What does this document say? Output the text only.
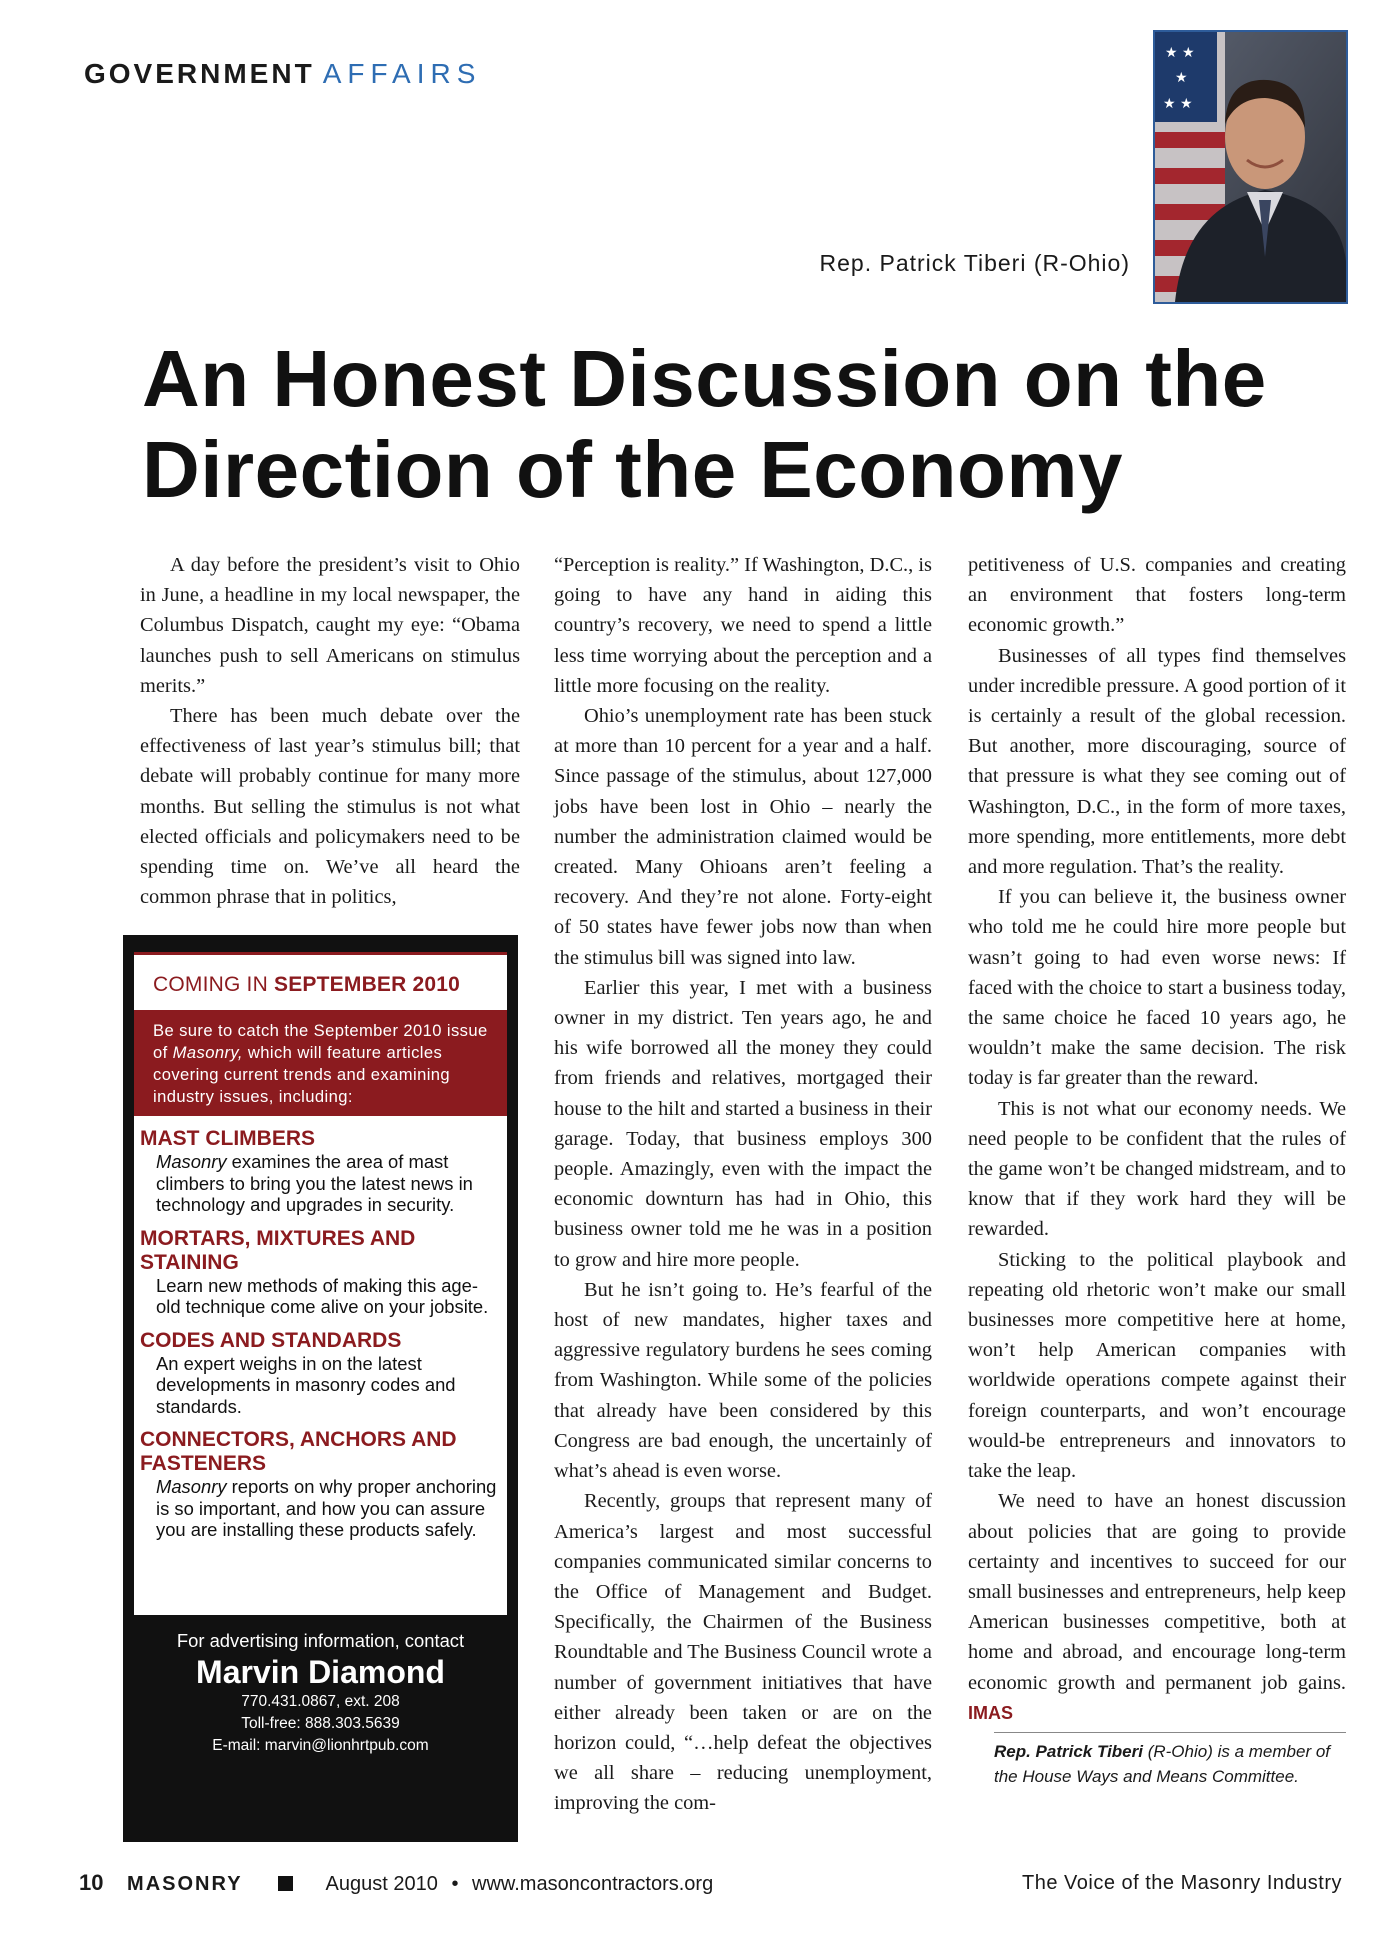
GOVERNMENT AFFAIRS
★ ★
★
★ ★
Rep. Patrick Tiberi (R-Ohio)
An Honest Discussion on the Direction of the Economy

A day before the president’s visit to Ohio in June, a headline in my local newspaper, the Columbus Dispatch, caught my eye: “Obama launches push to sell Americans on stimulus merits.”

There has been much debate over the effectiveness of last year’s stimulus bill; that debate will probably continue for many more months. But selling the stimulus is not what elected officials and policymakers need to be spending time on. We’ve all heard the common phrase that in politics,

“Perception is reality.” If Washington, D.C., is going to have any hand in aiding this country’s recovery, we need to spend a little less time worrying about the perception and a little more focusing on the reality.

Ohio’s unemployment rate has been stuck at more than 10 percent for a year and a half. Since passage of the stimulus, about 127,000 jobs have been lost in Ohio – nearly the number the administration claimed would be created. Many Ohioans aren’t feeling a recovery. And they’re not alone. Forty-eight of 50 states have fewer jobs now than when the stimulus bill was signed into law.

Earlier this year, I met with a business owner in my district. Ten years ago, he and his wife borrowed all the money they could from friends and relatives, mortgaged their house to the hilt and started a business in their garage. Today, that business employs 300 people. Amazingly, even with the impact the economic downturn has had in Ohio, this business owner told me he was in a position to grow and hire more people.

But he isn’t going to. He’s fearful of the host of new mandates, higher taxes and aggressive regulatory burdens he sees coming from Washington. While some of the policies that already have been considered by this Congress are bad enough, the uncertainly of what’s ahead is even worse.

Recently, groups that represent many of America’s largest and most successful companies communicated similar concerns to the Office of Management and Budget. Specifically, the Chairmen of the Business Roundtable and The Business Council wrote a number of government initiatives that have either already been taken or are on the horizon could, “…help defeat the objectives we all share – reducing unemployment, improving the com-

petitiveness of U.S. companies and creating an environment that fosters long-term economic growth.”

Businesses of all types find themselves under incredible pressure. A good portion of it is certainly a result of the global recession. But another, more discouraging, source of that pressure is what they see coming out of Washington, D.C., in the form of more taxes, more spending, more entitlements, more debt and more regulation. That’s the reality.

If you can believe it, the business owner who told me he could hire more people but wasn’t going to had even worse news: If faced with the choice to start a business today, the same choice he faced 10 years ago, he wouldn’t make the same decision. The risk today is far greater than the reward.

This is not what our economy needs. We need people to be confident that the rules of the game won’t be changed midstream, and to know that if they work hard they will be rewarded.

Sticking to the political playbook and repeating old rhetoric won’t make our small businesses more competitive here at home, won’t help American companies with worldwide operations compete against their foreign counterparts, and won’t encourage would-be entrepreneurs and innovators to take the leap.

We need to have an honest discussion about policies that are going to provide certainty and incentives to succeed for our small businesses and entrepreneurs, help keep American businesses competitive, both at home and abroad, and encourage long-term economic growth and permanent job gains. IMAS

Rep. Patrick Tiberi (R-Ohio) is a member of the House Ways and Means Committee.
COMING IN SEPTEMBER 2010
Be sure to catch the September 2010 issue of Masonry, which will feature articles covering current trends and examining industry issues, including:
MAST CLIMBERS

Masonry examines the area of mast climbers to bring you the latest news in technology and upgrades in security.

MORTARS, MIXTURES AND STAINING

Learn new methods of making this age-old technique come alive on your jobsite.

CODES AND STANDARDS

An expert weighs in on the latest developments in masonry codes and standards.

CONNECTORS, ANCHORS AND FASTENERS

Masonry reports on why proper anchoring is so important, and how you can assure you are installing these products safely.

For advertising information, contact
Marvin Diamond
770.431.0867, ext. 208
Toll-free: 888.303.5639
E-mail: marvin@lionhrtpub.com
10 MASONRY	August 2010 • www.masoncontractors.org	The Voice of the Masonry Industry
